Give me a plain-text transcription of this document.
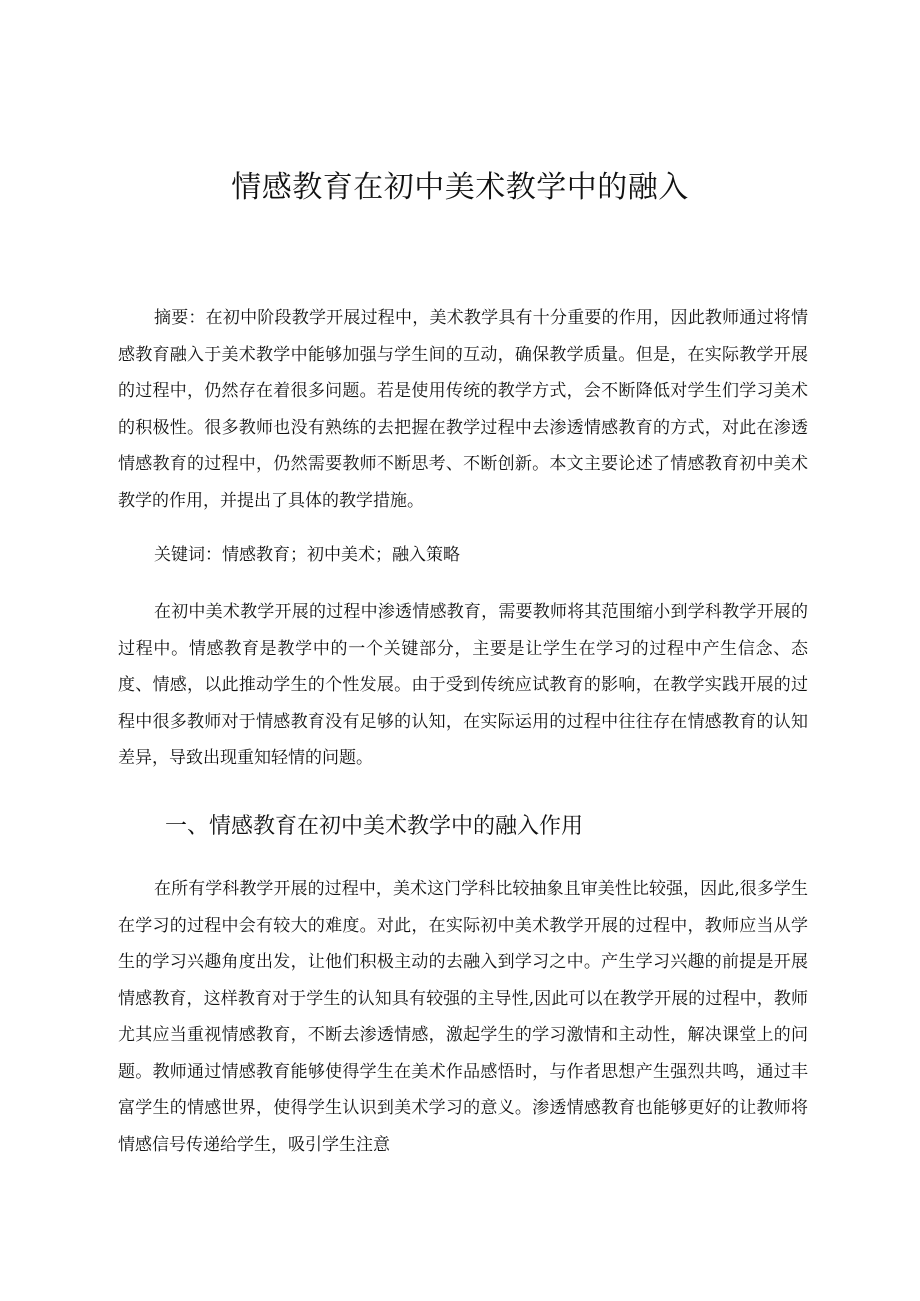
情感教育在初中美术教学中的融入

摘要：在初中阶段教学开展过程中，美术教学具有十分重要的作用，因此教师通过将情感教育融入于美术教学中能够加强与学生间的互动，确保教学质量。但是，在实际教学开展的过程中，仍然存在着很多问题。若是使用传统的教学方式，会不断降低对学生们学习美术的积极性。很多教师也没有熟练的去把握在教学过程中去渗透情感教育的方式，对此在渗透情感教育的过程中，仍然需要教师不断思考、不断创新。本文主要论述了情感教育初中美术教学的作用，并提出了具体的教学措施。

关键词：情感教育；初中美术；融入策略

在初中美术教学开展的过程中渗透情感教育，需要教师将其范围缩小到学科教学开展的过程中。情感教育是教学中的一个关键部分，主要是让学生在学习的过程中产生信念、态度、情感，以此推动学生的个性发展。由于受到传统应试教育的影响，在教学实践开展的过程中很多教师对于情感教育没有足够的认知，在实际运用的过程中往往存在情感教育的认知差异，导致出现重知轻情的问题。

一、情感教育在初中美术教学中的融入作用

在所有学科教学开展的过程中，美术这门学科比较抽象且审美性比较强，因此,很多学生在学习的过程中会有较大的难度。对此，在实际初中美术教学开展的过程中，教师应当从学生的学习兴趣角度出发，让他们积极主动的去融入到学习之中。产生学习兴趣的前提是开展情感教育，这样教育对于学生的认知具有较强的主导性,因此可以在教学开展的过程中，教师尤其应当重视情感教育，不断去渗透情感，激起学生的学习激情和主动性，解决课堂上的问题。教师通过情感教育能够使得学生在美术作品感悟时，与作者思想产生强烈共鸣，通过丰富学生的情感世界，使得学生认识到美术学习的意义。渗透情感教育也能够更好的让教师将情感信号传递给学生，吸引学生注意
